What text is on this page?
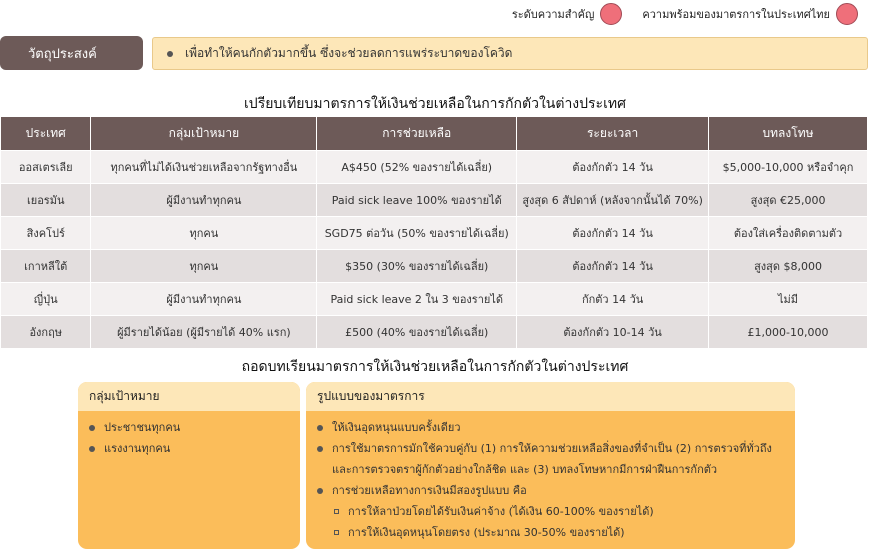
ระดับความสำคัญ	ความพร้อมของมาตรการในประเทศไทย
วัตถุประสงค์	เพื่อทำให้คนกักตัวมากขึ้น ซึ่งจะช่วยลดการแพร่ระบาดของโควิด
เปรียบเทียบมาตรการให้เงินช่วยเหลือในการกักตัวในต่างประเทศ
ประเทศ	กลุ่มเป้าหมาย	การช่วยเหลือ	ระยะเวลา	บทลงโทษ
ออสเตรเลีย	ทุกคนที่ไม่ได้เงินช่วยเหลือจากรัฐทางอื่น	A$450 (52% ของรายได้เฉลี่ย)	ต้องกักตัว 14 วัน	$5,000-10,000 หรือจำคุก
เยอรมัน	ผู้มีงานทำทุกคน	Paid sick leave 100% ของรายได้	สูงสุด 6 สัปดาห์ (หลังจากนั้นได้ 70%)	สูงสุด €25,000
สิงคโปร์	ทุกคน	SGD75 ต่อวัน (50% ของรายได้เฉลี่ย)	ต้องกักตัว 14 วัน	ต้องใส่เครื่องติดตามตัว
เกาหลีใต้	ทุกคน	$350 (30% ของรายได้เฉลี่ย)	ต้องกักตัว 14 วัน	สูงสุด $8,000
ญี่ปุ่น	ผู้มีงานทำทุกคน	Paid sick leave 2 ใน 3 ของรายได้	กักตัว 14 วัน	ไม่มี
อังกฤษ	ผู้มีรายได้น้อย (ผู้มีรายได้ 40% แรก)	£500 (40% ของรายได้เฉลี่ย)	ต้องกักตัว 10-14 วัน	£1,000-10,000
ถอดบทเรียนมาตรการให้เงินช่วยเหลือในการกักตัวในต่างประเทศ
กลุ่มเป้าหมาย
ประชาชนทุกคน
แรงงานทุกคน
รูปแบบของมาตรการ
ให้เงินอุดหนุนแบบครั้งเดียว
การใช้มาตรการมักใช้ควบคู่กับ (1) การให้ความช่วยเหลือสิ่งของที่จำเป็น (2) การตรวจที่ทั่วถึง
และการตรวจตราผู้กักตัวอย่างใกล้ชิด และ (3) บทลงโทษหากมีการฝ่าฝืนการกักตัว
การช่วยเหลือทางการเงินมีสองรูปแบบ คือ
การให้ลาป่วยโดยได้รับเงินค่าจ้าง (ได้เงิน 60-100% ของรายได้)
การให้เงินอุดหนุนโดยตรง (ประมาณ 30-50% ของรายได้)
